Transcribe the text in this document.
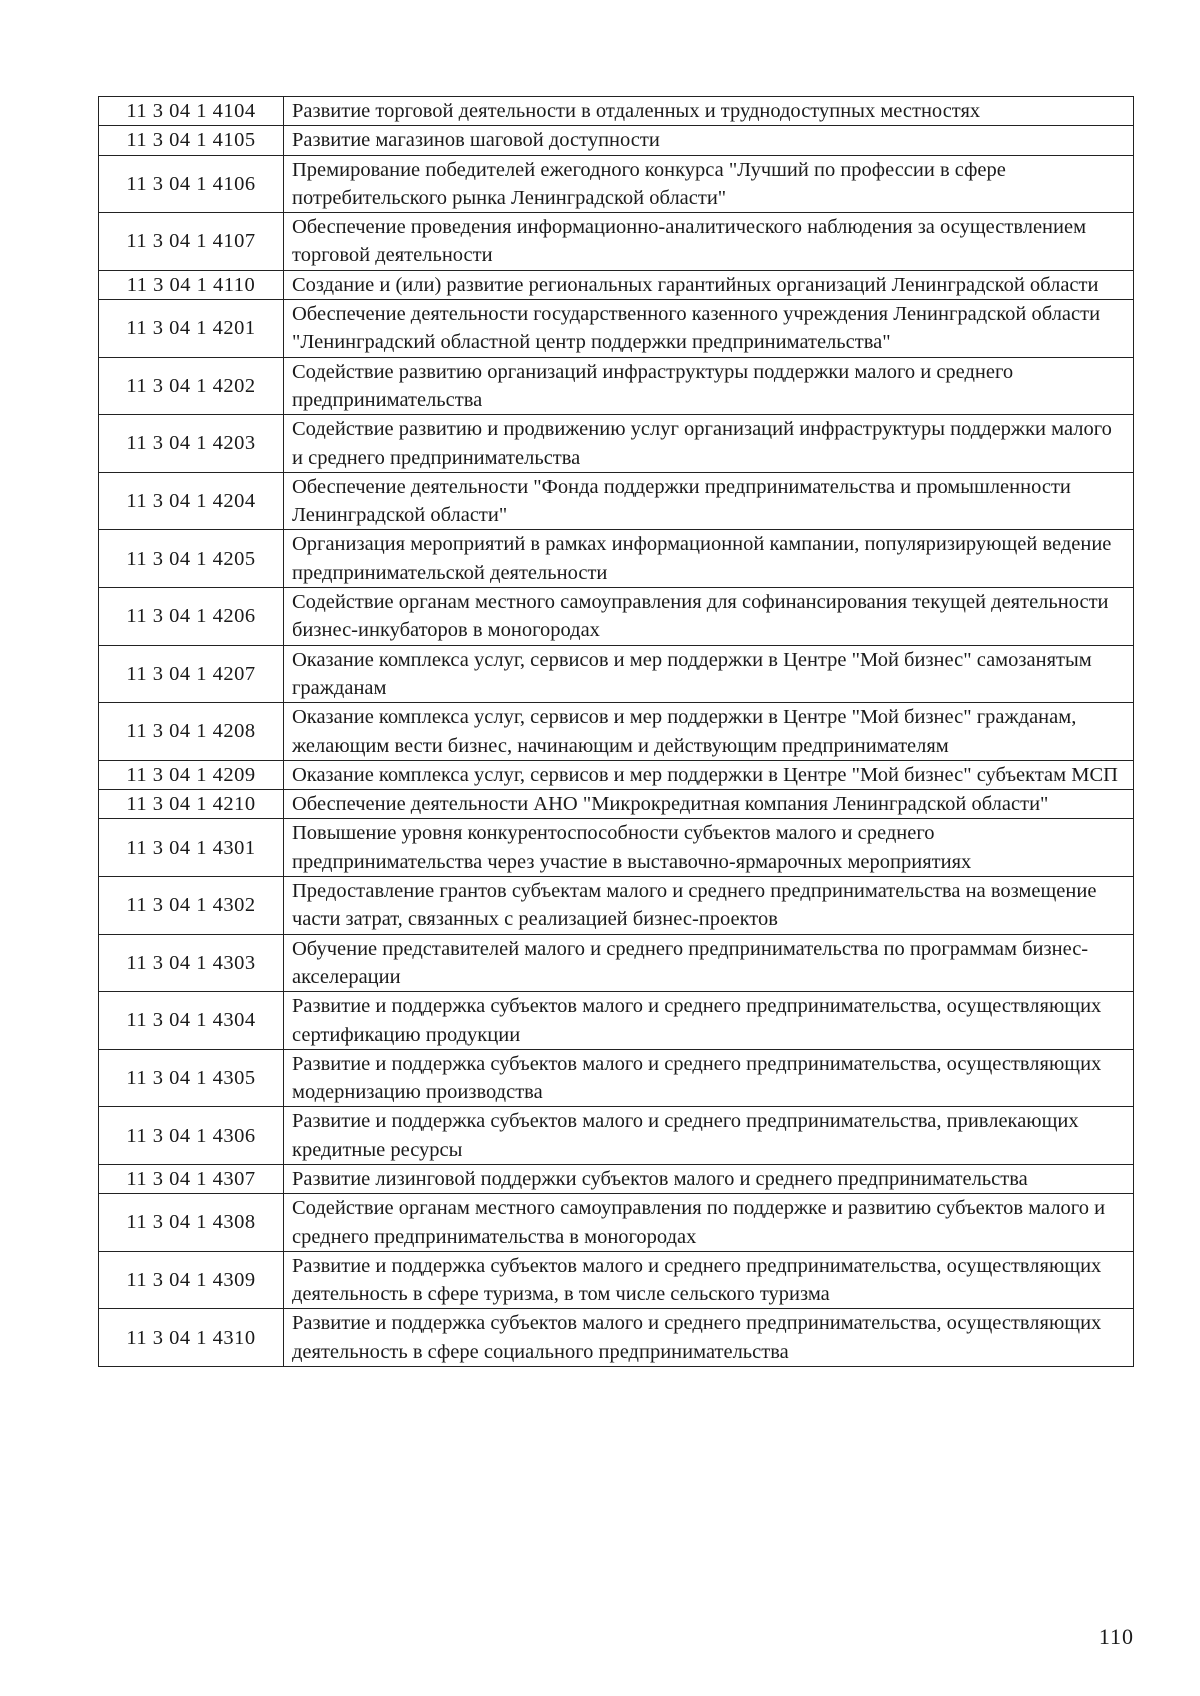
11 3 04 1 4104	Развитие торговой деятельности в отдаленных и труднодоступных местностях
11 3 04 1 4105	Развитие магазинов шаговой доступности
11 3 04 1 4106	Премирование победителей ежегодного конкурса "Лучший по профессии в сфере потребительского рынка Ленинградской области"
11 3 04 1 4107	Обеспечение проведения информационно-аналитического наблюдения за осуществлением торговой деятельности
11 3 04 1 4110	Создание и (или) развитие региональных гарантийных организаций Ленинградской области
11 3 04 1 4201	Обеспечение деятельности государственного казенного учреждения Ленинградской области "Ленинградский областной центр поддержки предпринимательства"
11 3 04 1 4202	Содействие развитию организаций инфраструктуры поддержки малого и среднего предпринимательства
11 3 04 1 4203	Содействие развитию и продвижению услуг организаций инфраструктуры поддержки малого и среднего предпринимательства
11 3 04 1 4204	Обеспечение деятельности "Фонда поддержки предпринимательства и промышленности Ленинградской области"
11 3 04 1 4205	Организация мероприятий в рамках информационной кампании, популяризирующей ведение предпринимательской деятельности
11 3 04 1 4206	Содействие органам местного самоуправления для софинансирования текущей деятельности бизнес-инкубаторов в моногородах
11 3 04 1 4207	Оказание комплекса услуг, сервисов и мер поддержки в Центре "Мой бизнес" самозанятым гражданам
11 3 04 1 4208	Оказание комплекса услуг, сервисов и мер поддержки в Центре "Мой бизнес" гражданам, желающим вести бизнес, начинающим и действующим предпринимателям
11 3 04 1 4209	Оказание комплекса услуг, сервисов и мер поддержки в Центре "Мой бизнес" субъектам МСП
11 3 04 1 4210	Обеспечение деятельности АНО "Микрокредитная компания Ленинградской области"
11 3 04 1 4301	Повышение уровня конкурентоспособности субъектов малого и среднего предпринимательства через участие в выставочно-ярмарочных мероприятиях
11 3 04 1 4302	Предоставление грантов субъектам малого и среднего предпринимательства на возмещение части затрат, связанных с реализацией бизнес-проектов
11 3 04 1 4303	Обучение представителей малого и среднего предпринимательства по программам бизнес-акселерации
11 3 04 1 4304	Развитие и поддержка субъектов малого и среднего предпринимательства, осуществляющих сертификацию продукции
11 3 04 1 4305	Развитие и поддержка субъектов малого и среднего предпринимательства, осуществляющих модернизацию производства
11 3 04 1 4306	Развитие и поддержка субъектов малого и среднего предпринимательства, привлекающих кредитные ресурсы
11 3 04 1 4307	Развитие лизинговой поддержки субъектов малого и среднего предпринимательства
11 3 04 1 4308	Содействие органам местного самоуправления по поддержке и развитию субъектов малого и среднего предпринимательства в моногородах
11 3 04 1 4309	Развитие и поддержка субъектов малого и среднего предпринимательства, осуществляющих деятельность в сфере туризма, в том числе сельского туризма
11 3 04 1 4310	Развитие и поддержка субъектов малого и среднего предпринимательства, осуществляющих деятельность в сфере социального предпринимательства
110
